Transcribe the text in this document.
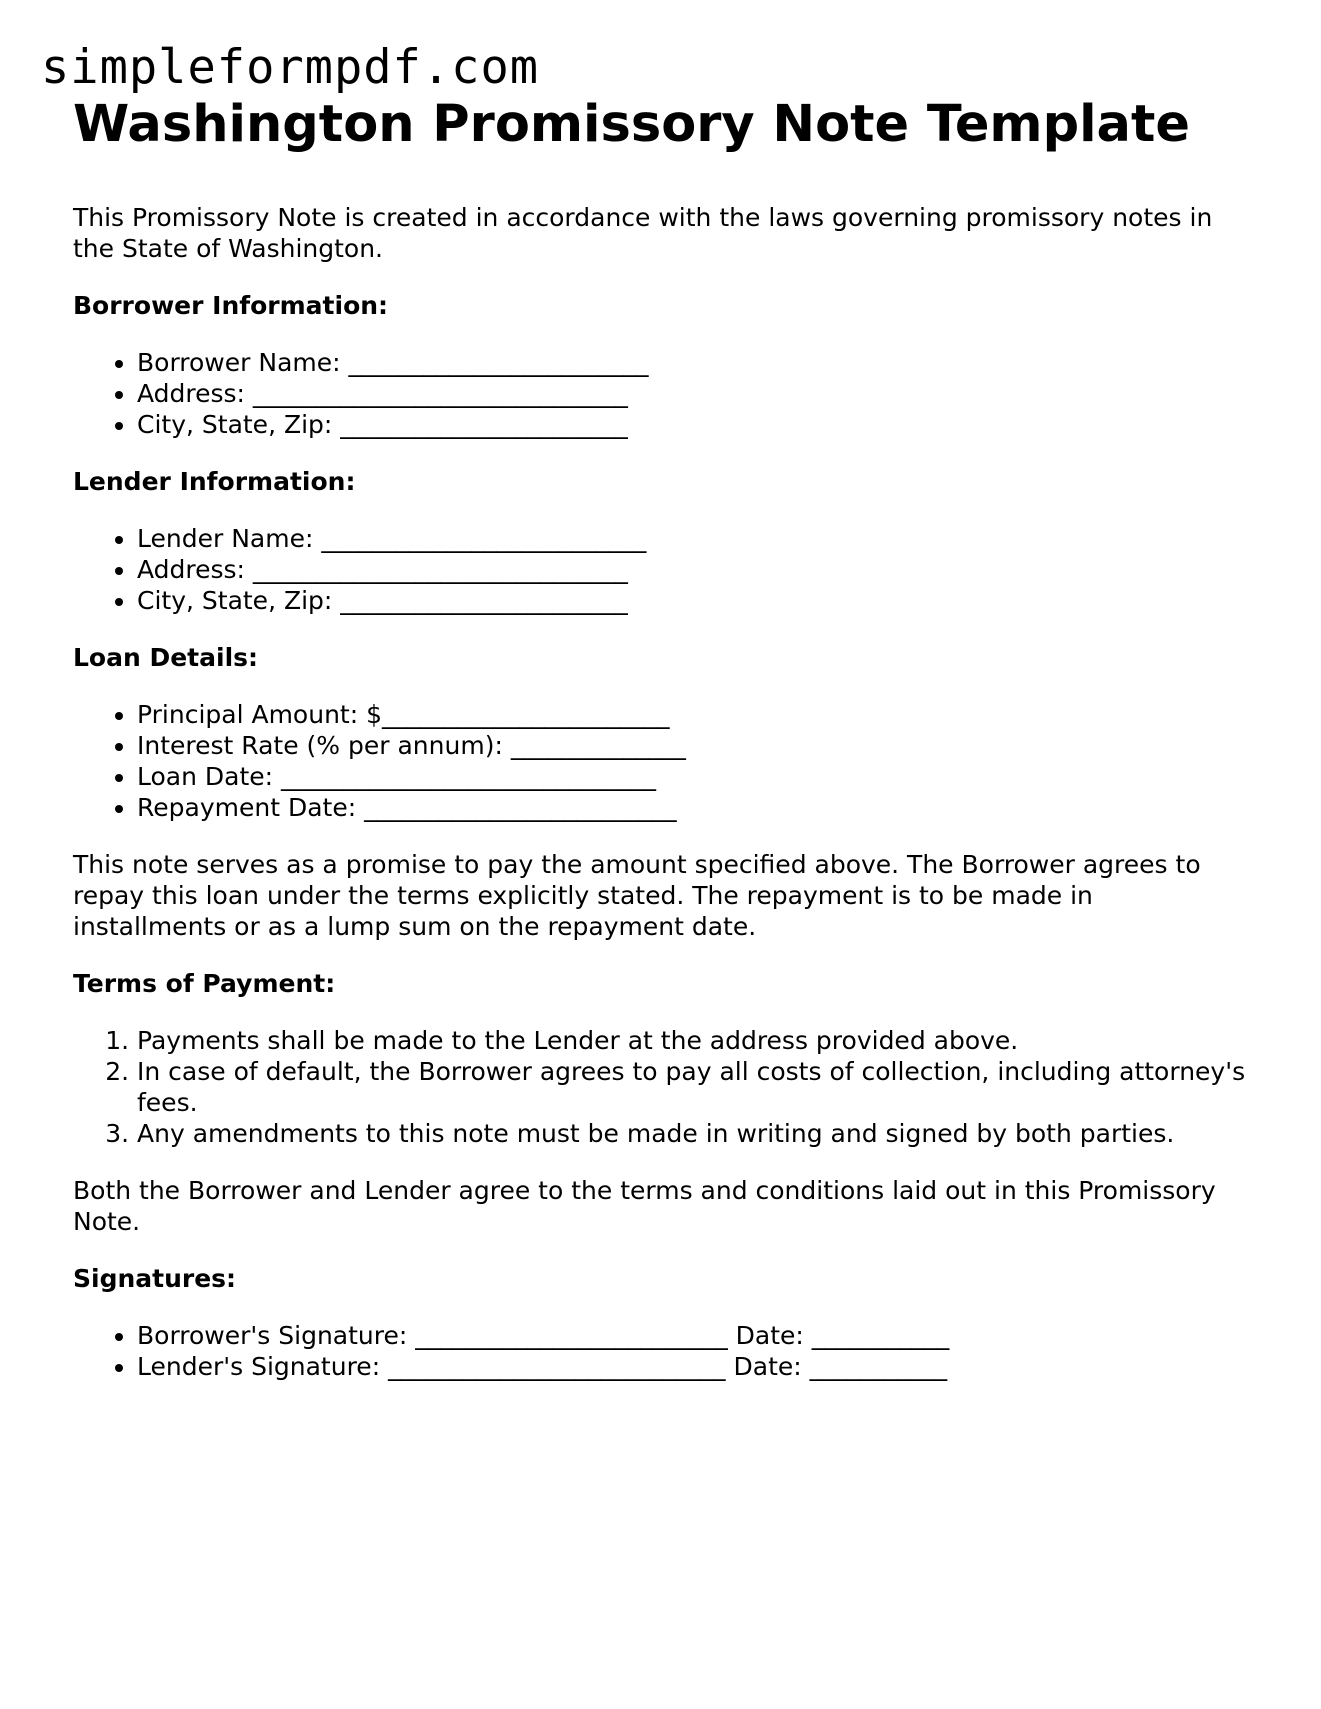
simpleformpdf.com
Washington Promissory Note Template

This Promissory Note is created in accordance with the laws governing promissory notes in the State of Washington.

Borrower Information:
• Borrower Name: ________________________
• Address: ______________________________
• City, State, Zip: _______________________
Lender Information:
• Lender Name: __________________________
• Address: ______________________________
• City, State, Zip: _______________________
Loan Details:
• Principal Amount: $_______________________
• Interest Rate (% per annum): ______________
• Loan Date: ______________________________
• Repayment Date: _________________________

This note serves as a promise to pay the amount specified above. The Borrower agrees to repay this loan under the terms explicitly stated. The repayment is to be made in installments or as a lump sum on the repayment date.

Terms of Payment:
1. Payments shall be made to the Lender at the address provided above.
2. In case of default, the Borrower agrees to pay all costs of collection, including attorney's fees.
3. Any amendments to this note must be made in writing and signed by both parties.

Both the Borrower and Lender agree to the terms and conditions laid out in this Promissory Note.

Signatures:
• Borrower's Signature: _________________________ Date: ___________
• Lender's Signature: ___________________________ Date: ___________
